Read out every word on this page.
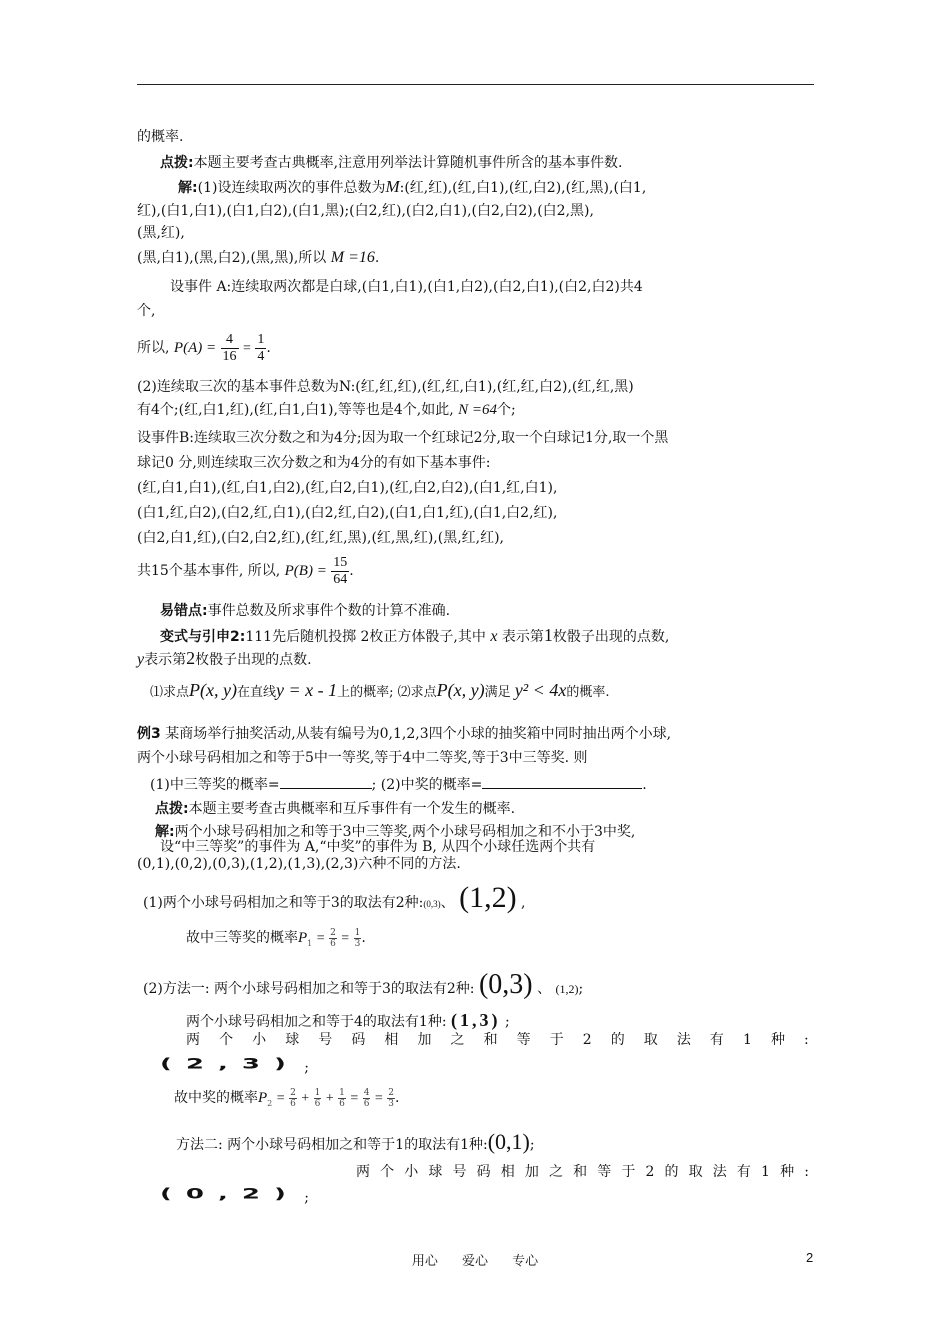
的概率.
点拨:本题主要考查古典概率,注意用列举法计算随机事件所含的基本事件数.
解:(1)设连续取两次的事件总数为M:(红,红),(红,白1),(红,白2),(红,黑),(白1,
红),(白1,白1),(白1,白2),(白1,黑);(白2,红),(白2,白1),(白2,白2),(白2,黑),
(黑,红),
(黑,白1),(黑,白2),(黑,黑),所以 M =16.
设事件 A:连续取两次都是白球,(白1,白1),(白1,白2),(白2,白1),(白2,白2)共4
个,
所以, $P(A) = \frac{4}{16} = \frac{1}{4}$ .
(2)连续取三次的基本事件总数为N:(红,红,红),(红,红,白1),(红,红,白2),(红,红,黑)
有4个;(红,白1,红),(红,白1,白1),等等也是4个,如此, N =64个;
设事件B:连续取三次分数之和为4分;因为取一个红球记2分,取一个白球记1分,取一个黑
球记0 分,则连续取三次分数之和为4分的有如下基本事件:
(红,白1,白1),(红,白1,白2),(红,白2,白1),(红,白2,白2),(白1,红,白1),
(白1,红,白2),(白2,红,白1),(白2,红,白2),(白1,白1,红),(白1,白2,红),
(白2,白1,红),(白2,白2,红),(红,红,黑),(红,黑,红),(黑,红,红),
共15个基本事件, 所以, $P(B) = \frac{15}{64}$ .
易错点:事件总数及所求事件个数的计算不准确.
变式与引申2:111先后随机投掷 2枚正方体骰子,其中 x 表示第1枚骰子出现的点数,
y表示第2枚骰子出现的点数.
⑴求点P(x, y)在直线y = x - 1上的概率; ⑵求点P(x, y)满足 y² < 4x的概率.
例3 某商场举行抽奖活动,从装有编号为0,1,2,3四个小球的抽奖箱中同时抽出两个小球,
两个小球号码相加之和等于5中一等奖,等于4中二等奖,等于3中三等奖. 则
(1)中三等奖的概率=	; (2)中奖的概率=	.
点拨:本题主要考查古典概率和互斥事件有一个发生的概率.
解:两个小球号码相加之和等于3中三等奖,两个小球号码相加之和不小于3中奖,
设“中三等奖”的事件为 A,“中奖”的事件为 B, 从四个小球任选两个共有
(0,1),(0,2),(0,3),(1,2),(1,3),(2,3)六种不同的方法.
(1)两个小球号码相加之和等于3的取法有2种:(0,3)、 (1,2) ,
故中三等奖的概率$P_1 = \frac{2}{6} = \frac{1}{3}$ .
(2)方法一: 两个小球号码相加之和等于3的取法有2种: (0,3) 、 (1,2);
两个小球号码相加之和等于4的取法有1种: (1,3) ;
两 个 小 球 号 码 相 加 之 和 等 于 2 的 取 法 有 1 种 :
(2,3) ;
故中奖的概率$P_2 = \frac{2}{6} + \frac{1}{6} + \frac{1}{6} = \frac{4}{6} = \frac{2}{3}$ .
方法二: 两个小球号码相加之和等于1的取法有1种:(0,1);
两 个 小 球 号 码 相 加 之 和 等 于 2 的 取 法 有 1 种 :
(0,2) ;
用心 爱心 专心	2
